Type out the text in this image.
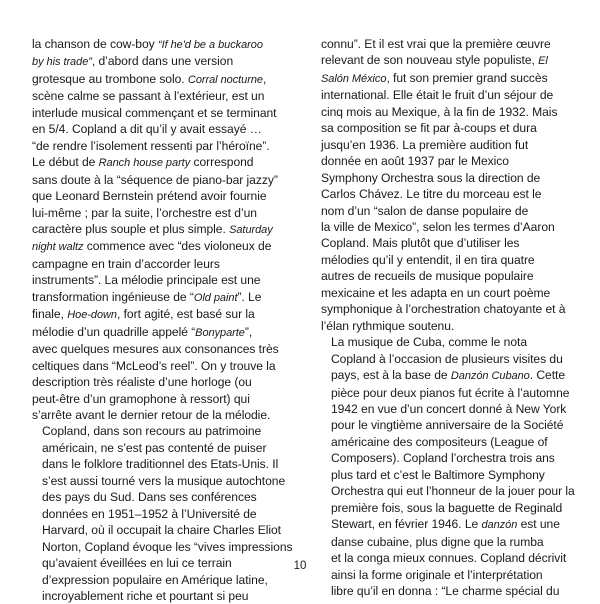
la chanson de cow-boy “If he'd be a buckaroo
by his trade”, d’abord dans une version
grotesque au trombone solo. Corral nocturne,
scène calme se passant à l’extérieur, est un
interlude musical commençant et se terminant
en 5/4. Copland a dit qu’il y avait essayé …
“de rendre l’isolement ressenti par l’héroïne”.
Le début de Ranch house party correspond
sans doute à la “séquence de piano-bar jazzy”
que Leonard Bernstein prétend avoir fournie
lui-même ; par la suite, l’orchestre est d’un
caractère plus souple et plus simple. Saturday
night waltz commence avec “des violoneux de
campagne en train d’accorder leurs
instruments”. La mélodie principale est une
transformation ingénieuse de “Old paint”. Le
finale, Hoe-down, fort agité, est basé sur la
mélodie d’un quadrille appelé “Bonyparte”,
avec quelques mesures aux consonances très
celtiques dans “McLeod’s reel”. On y trouve la
description très réaliste d’une horloge (ou
peut-être d’un gramophone à ressort) qui
s’arrête avant le dernier retour de la mélodie.

Copland, dans son recours au patrimoine
américain, ne s’est pas contenté de puiser
dans le folklore traditionnel des Etats-Unis. Il
s’est aussi tourné vers la musique autochtone
des pays du Sud. Dans ses conférences
données en 1951–1952 à l’Université de
Harvard, où il occupait la chaire Charles Eliot
Norton, Copland évoque les “vives impressions
qu’avaient éveillées en lui ce terrain
d’expression populaire en Amérique latine,
incroyablement riche et pourtant si peu

connu”. Et il est vrai que la première œuvre
relevant de son nouveau style populiste, El
Salón México, fut son premier grand succès
international. Elle était le fruit d’un séjour de
cinq mois au Mexique, à la fin de 1932. Mais
sa composition se fit par à-coups et dura
jusqu’en 1936. La première audition fut
donnée en août 1937 par le Mexico
Symphony Orchestra sous la direction de
Carlos Chávez. Le titre du morceau est le
nom d’un “salon de danse populaire de
la ville de Mexico”, selon les termes d’Aaron
Copland. Mais plutôt que d’utiliser les
mélodies qu’il y entendit, il en tira quatre
autres de recueils de musique populaire
mexicaine et les adapta en un court poème
symphonique à l’orchestration chatoyante et à
l’élan rythmique soutenu.

La musique de Cuba, comme le nota
Copland à l’occasion de plusieurs visites du
pays, est à la base de Danzón Cubano. Cette
pièce pour deux pianos fut écrite à l’automne
1942 en vue d’un concert donné à New York
pour le vingtième anniversaire de la Société
américaine des compositeurs (League of
Composers). Copland l’orchestra trois ans
plus tard et c’est le Baltimore Symphony
Orchestra qui eut l’honneur de la jouer pour la
première fois, sous la baguette de Reginald
Stewart, en février 1946. Le danzón est une
danse cubaine, plus digne que la rumba
et la conga mieux connues. Copland décrivit
ainsi la forme originale et l’interprétation
libre qu’il en donna : “Le charme spécial du

10
